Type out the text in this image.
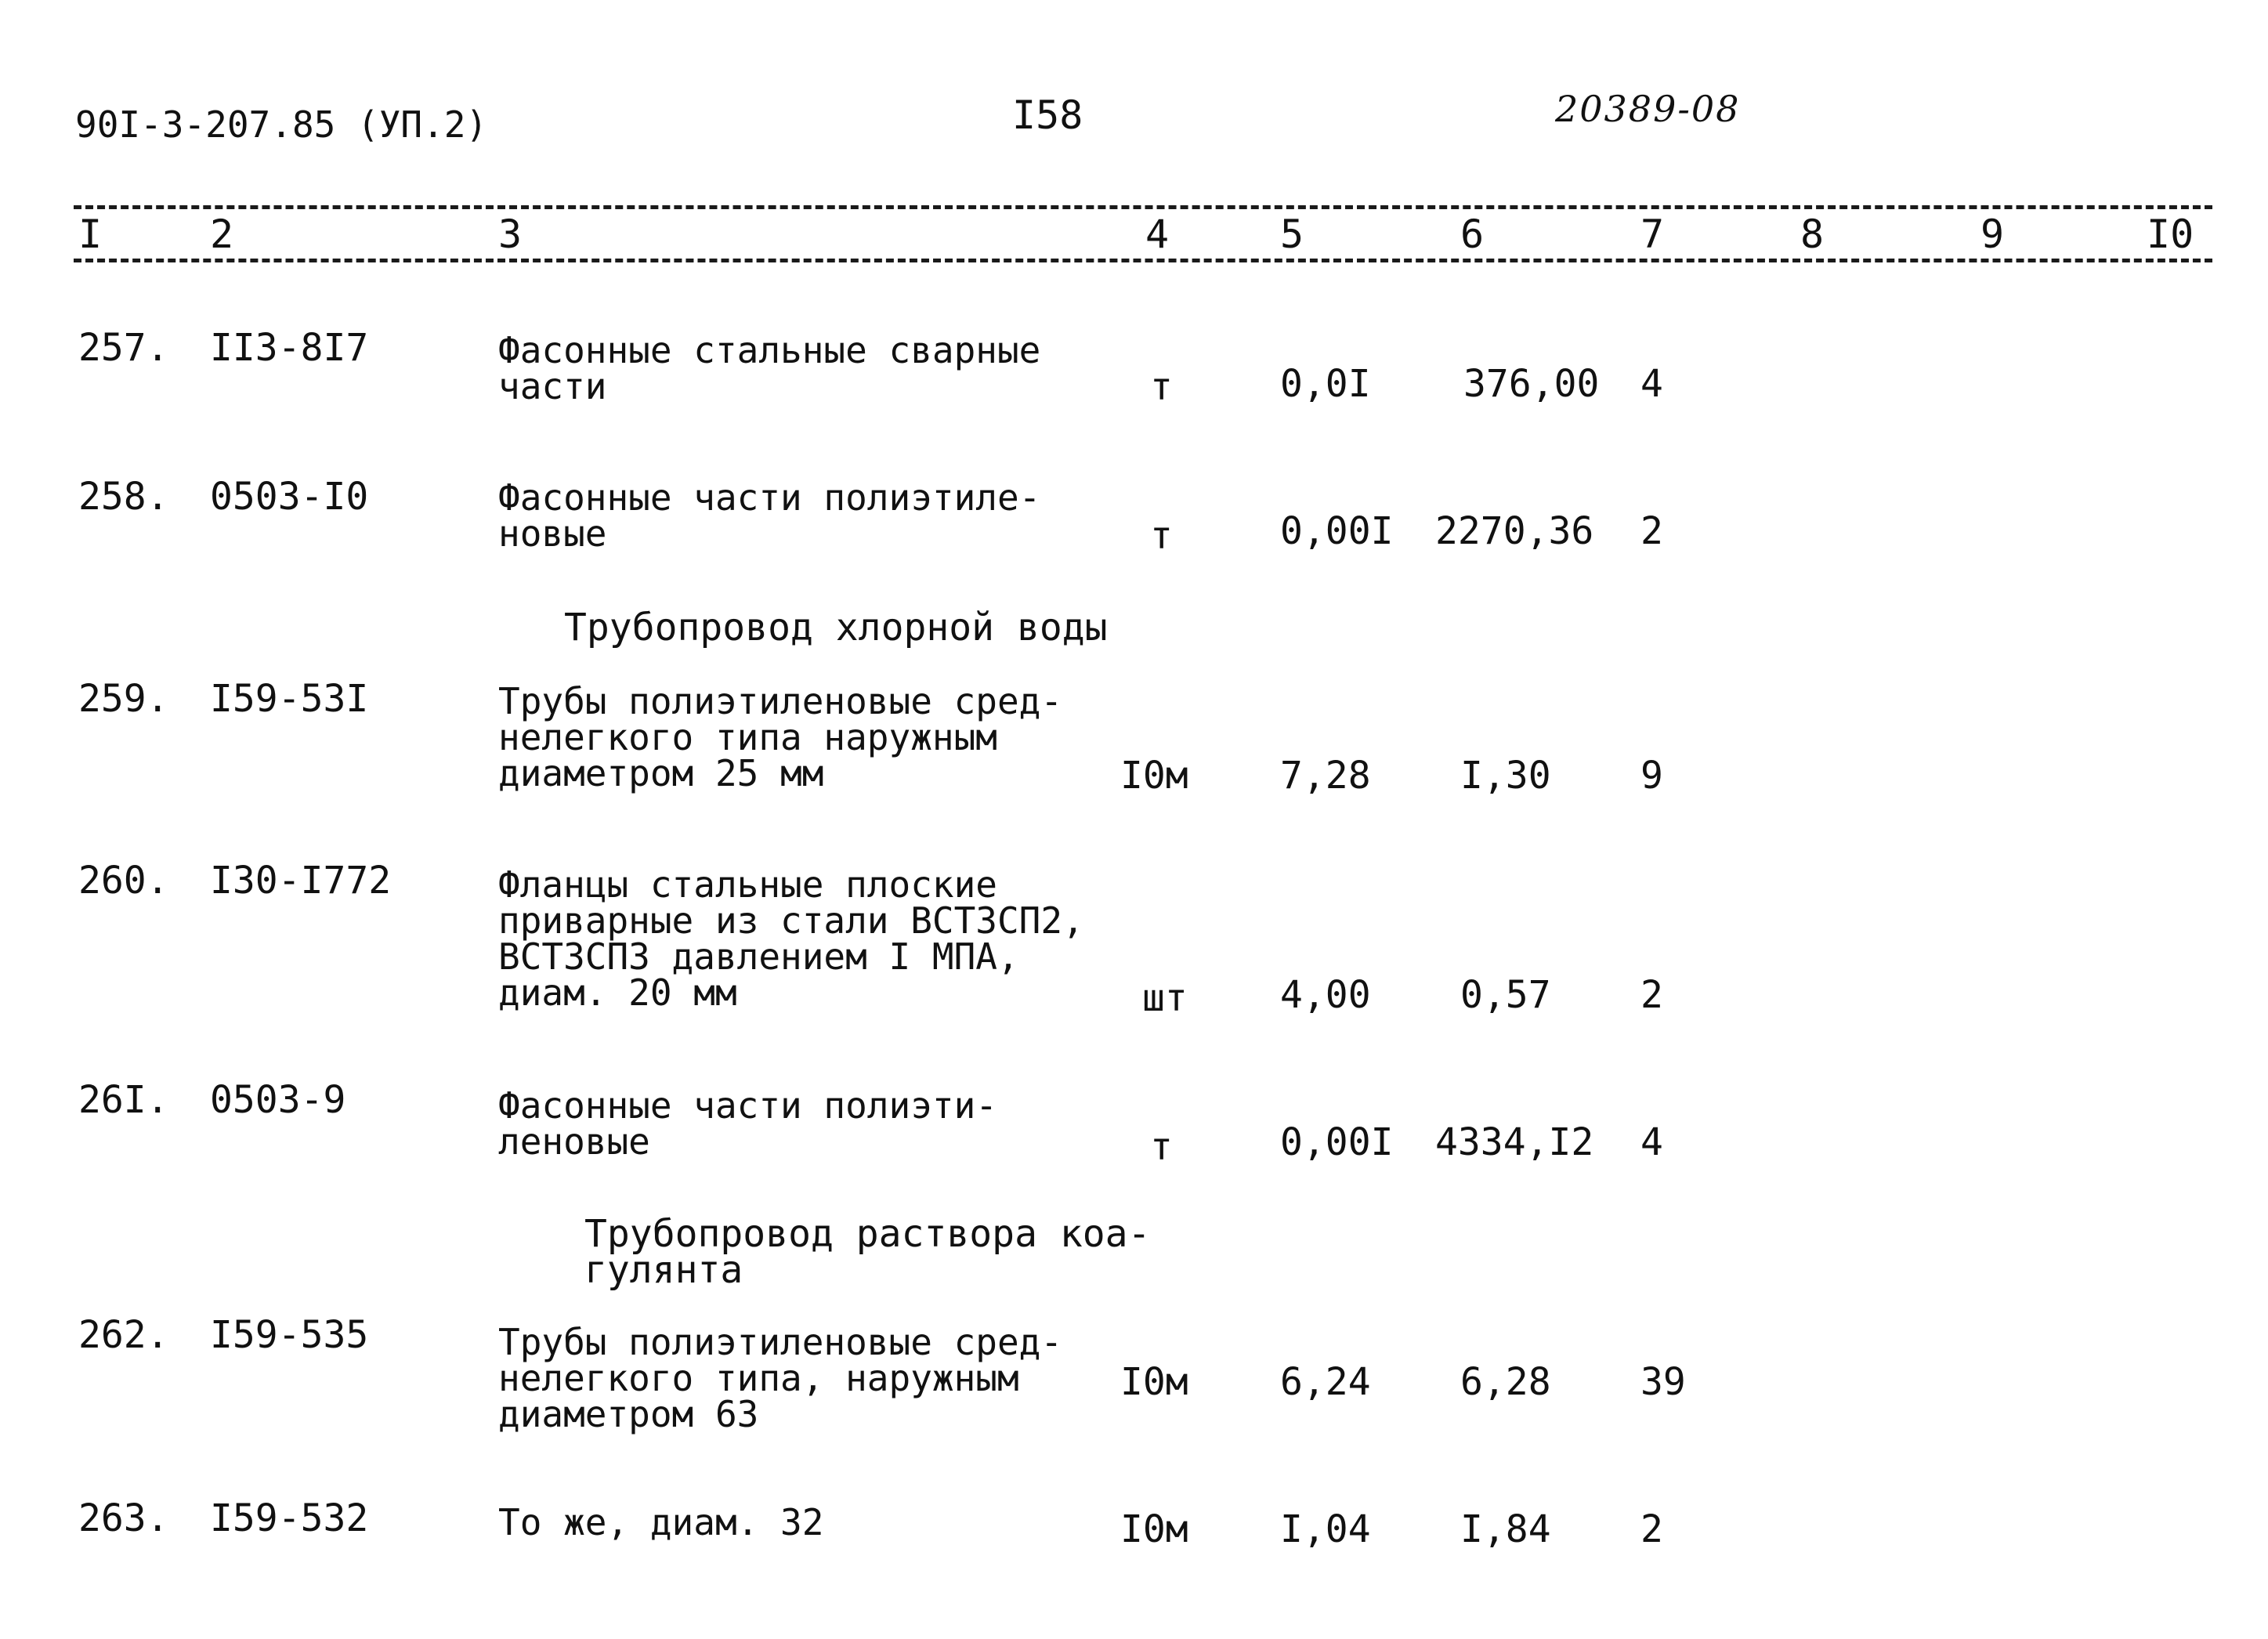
90I-3-207.85 (УП.2)	I58	20389-08
I	2	3	4	5	6	7	8	9	I0
257. II3-8I7	Фасонные стальные сварные
части	т	0,0I 376,00 4
258. 0503-I0	Фасонные части полиэтиле-
новые	т	0,00I 2270,36 2
Трубопровод хлорной воды
259. I59-53I	Трубы полиэтиленовые сред-
нелегкого типа наружным
диаметром 25 мм	I0м 7,28 I,30 9
260. I30-I772	Фланцы стальные плоские
приварные из стали ВСТЗСП2,
ВСТЗСПЗ давлением I МПА,
диам. 20 мм	шт 4,00 0,57 2
26I. 0503-9	Фасонные части полиэти-
леновые	т	0,00I 4334,I2 4
Трубопровод раствора коа-
гулянта
262. I59-535	Трубы полиэтиленовые сред-
нелегкого типа, наружным
диаметром 63
I0м 6,24 6,28 39
263. I59-532	То же, диам. 32	I0м I,04 I,84 2
